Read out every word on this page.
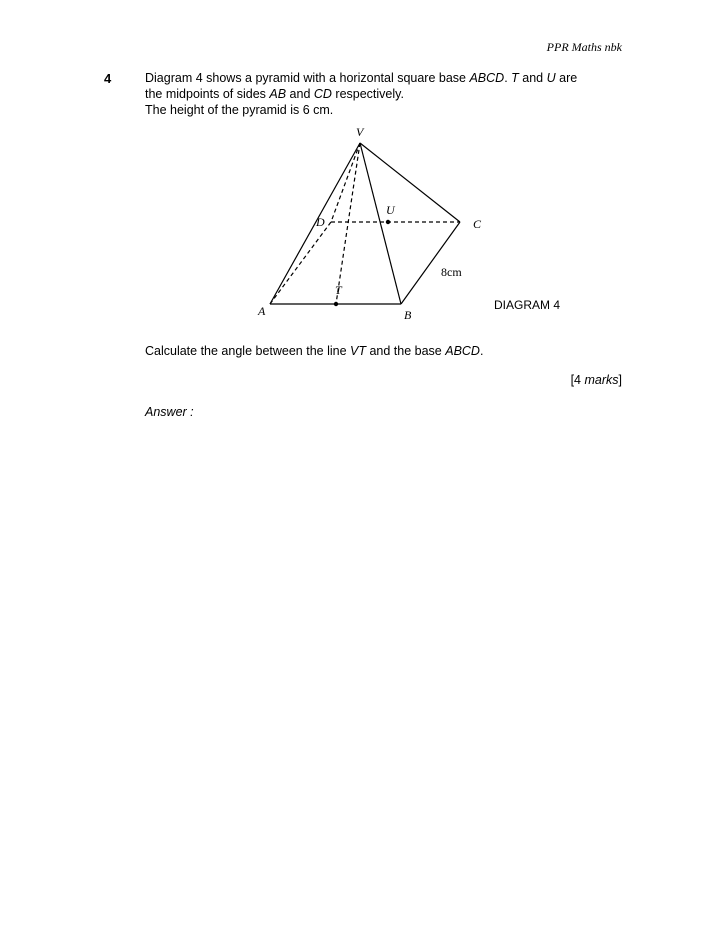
PPR Maths nbk
4	Diagram 4 shows a pyramid with a horizontal square base ABCD. T and U are
the midpoints of sides AB and CD respectively.
The height of the pyramid is 6 cm.
V
A	B
C
D
T
U
8cm
DIAGRAM 4
Calculate the angle between the line VT and the base ABCD.
[4 marks]
Answer :
